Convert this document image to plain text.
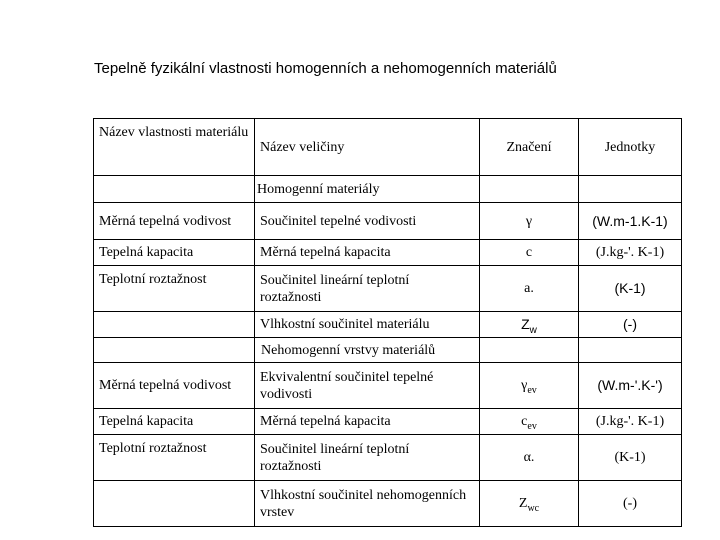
Tepelně fyzikální vlastnosti homogenních a nehomogenních materiálů
Název vlastnosti materiálu	Název veličiny	Značení	Jednotky
	Homogenní materiály		
Měrná tepelná vodivost	Součinitel tepelné vodivosti	γ	(W.m-1.K-1)
Tepelná kapacita	Měrná tepelná kapacita	c	(J.kg-'. K-1)
Teplotní roztažnost	Součinitel lineární teplotní roztažnosti	a.	(K-1)
	Vlhkostní součinitel materiálu	$Z_w$	(-)
	Nehomogenní vrstvy materiálů		
Měrná tepelná vodivost	Ekvivalentní součinitel tepelné vodivosti	$\gamma_{ev}$	(W.m-'.K-')
Tepelná kapacita	Měrná tepelná kapacita	$c_{ev}$	(J.kg-'. K-1)
Teplotní roztažnost	Součinitel lineární teplotní roztažnosti	α.	(K-1)
	Vlhkostní součinitel nehomogenních vrstev	$Z_{wc}$	(-)
